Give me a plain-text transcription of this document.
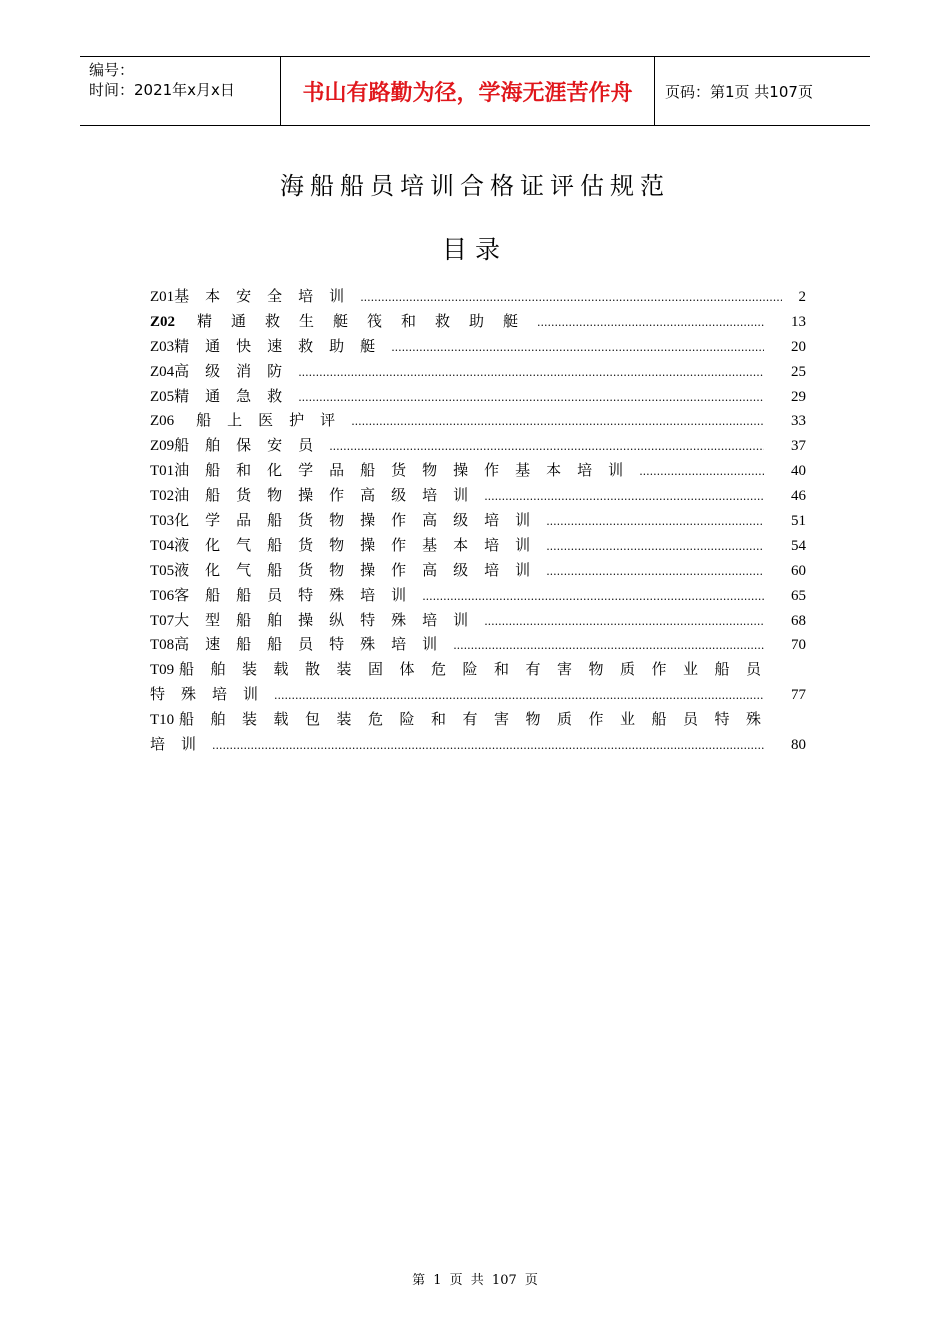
编号：
时间：2021年x月x日	书山有路勤为径，学海无涯苦作舟 页码：第1页 共107页
海船船员培训合格证评估规范
目录
Z01 基本安全培训 .....	2
Z02 精通救生艇筏和救助艇 .....	13
Z03 精通快速救助艇 .....	20
Z04 高级消防 .....	25
Z05 精通急救 .....	29
Z06 船上医护评 .....	33
Z09 船舶保安员 .....	37
T01 油船和化学品船货物操作基本培训 .....	40
T02 油船货物操作高级培训 .....	46
T03 化学品船货物操作高级培训 .....	51
T04 液化气船货物操作基本培训 .....	54
T05 液化气船货物操作高级培训 .....	60
T06 客船船员特殊培训 .....	65
T07 大型船舶操纵特殊培训 .....	68
T08 高速船船员特殊培训 .....	70
T09 船舶装载散装固体危险和有害物质作业船员
特殊培训 .....	77
T10 船舶装载包装危险和有害物质作业船员特殊
培训 .....	80
第 1 页 共 107 页
